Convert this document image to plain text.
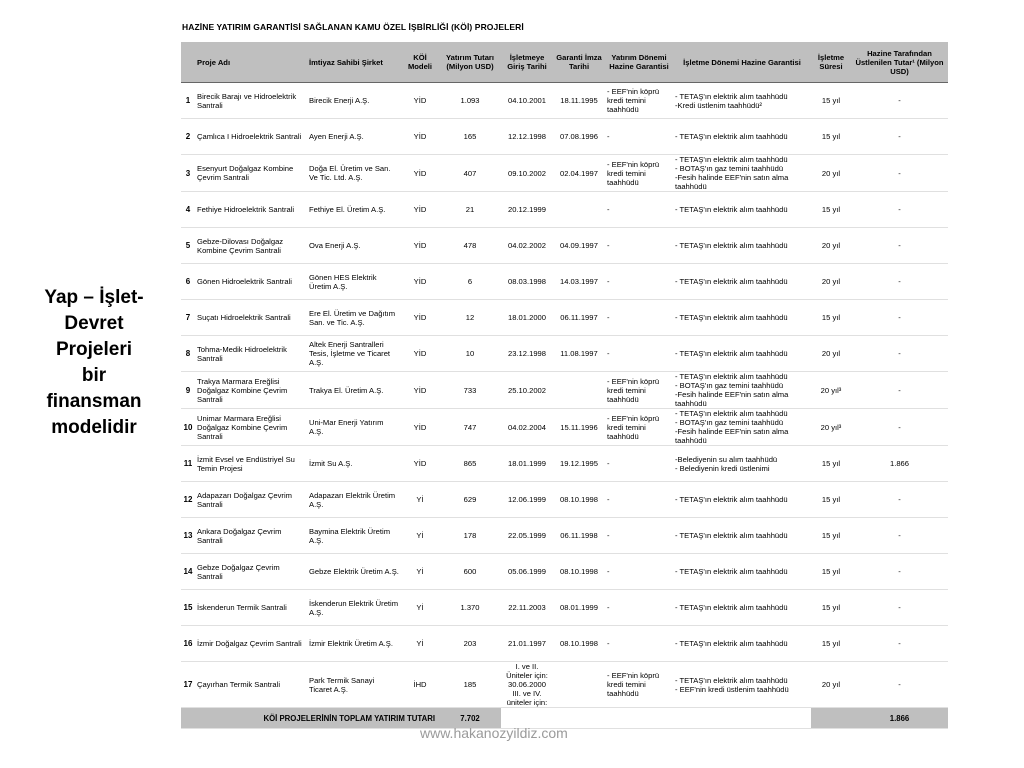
Yap – İşlet-
Devret
Projeleri
bir
finansman
modelidir
HAZİNE YATIRIM GARANTİSİ SAĞLANAN KAMU ÖZEL İŞBİRLİĞİ (KÖİ) PROJELERİ
	Proje Adı	İmtiyaz Sahibi Şirket	KÖİ Modeli	Yatırım Tutarı (Milyon USD)	İşletmeye Giriş Tarihi	Garanti İmza Tarihi	Yatırım Dönemi Hazine Garantisi	İşletme Dönemi Hazine Garantisi	İşletme Süresi	Hazine Tarafından Üstlenilen Tutar¹ (Milyon USD)
1	Birecik Barajı ve Hidroelektrik Santrali	Birecik Enerji A.Ş.	YİD	1.093	04.10.2001	18.11.1995	- EEF'nin köprü kredi temini taahhüdü	- TETAŞ'ın elektrik alım taahhüdü
-Kredi üstlenim taahhüdü²	15 yıl	-
2	Çamlıca I Hidroelektrik Santrali	Ayen Enerji A.Ş.	YİD	165	12.12.1998	07.08.1996	-	- TETAŞ'ın elektrik alım taahhüdü	15 yıl	-
3	Esenyurt Doğalgaz Kombine Çevrim Santrali	Doğa El. Üretim ve San. Ve Tic. Ltd. A.Ş.	YİD	407	09.10.2002	02.04.1997	- EEF'nin köprü kredi temini taahhüdü	- TETAŞ'ın elektrik alım taahhüdü
- BOTAŞ'ın gaz temini taahhüdü
-Fesih halinde EEF'nin satın alma taahhüdü	20 yıl	-
4	Fethiye Hidroelektrik Santrali	Fethiye El. Üretim A.Ş.	YİD	21	20.12.1999		-	- TETAŞ'ın elektrik alım taahhüdü	15 yıl	-
5	Gebze-Dilovası Doğalgaz Kombine Çevrim Santrali	Ova Enerji A.Ş.	YİD	478	04.02.2002	04.09.1997	-	- TETAŞ'ın elektrik alım taahhüdü	20 yıl	-
6	Gönen Hidroelektrik Santrali	Gönen HES Elektrik Üretim A.Ş.	YİD	6	08.03.1998	14.03.1997	-	- TETAŞ'ın elektrik alım taahhüdü	20 yıl	-
7	Suçatı Hidroelektrik Santrali	Ere El. Üretim ve Dağıtım San. ve Tic. A.Ş.	YİD	12	18.01.2000	06.11.1997	-	- TETAŞ'ın elektrik alım taahhüdü	15 yıl	-
8	Tohma-Medik Hidroelektrik Santrali	Altek Enerji Santralleri Tesis, İşletme ve Ticaret A.Ş.	YİD	10	23.12.1998	11.08.1997	-	- TETAŞ'ın elektrik alım taahhüdü	20 yıl	-
9	Trakya Marmara Ereğlisi Doğalgaz Kombine Çevrim Santrali	Trakya El. Üretim A.Ş.	YİD	733	25.10.2002		- EEF'nin köprü kredi temini taahhüdü	- TETAŞ'ın elektrik alım taahhüdü
- BOTAŞ'ın gaz temini taahhüdü
-Fesih halinde EEF'nin satın alma taahhüdü	20 yıl³	-
10	Unimar Marmara Ereğlisi Doğalgaz Kombine Çevrim Santrali	Uni-Mar Enerji Yatırım A.Ş.	YİD	747	04.02.2004	15.11.1996	- EEF'nin köprü kredi temini taahhüdü	- TETAŞ'ın elektrik alım taahhüdü
- BOTAŞ'ın gaz temini taahhüdü
-Fesih halinde EEF'nin satın alma taahhüdü	20 yıl³	-
11	İzmit Evsel ve Endüstriyel Su Temin Projesi	İzmit Su A.Ş.	YİD	865	18.01.1999	19.12.1995	-	-Belediyenin su alım taahhüdü
- Belediyenin kredi üstlenimi	15 yıl	1.866
12	Adapazarı Doğalgaz Çevrim Santrali	Adapazarı Elektrik Üretim A.Ş.	Yİ	629	12.06.1999	08.10.1998	-	- TETAŞ'ın elektrik alım taahhüdü	15 yıl	-
13	Ankara Doğalgaz Çevrim Santrali	Baymina Elektrik Üretim A.Ş.	Yİ	178	22.05.1999	06.11.1998	-	- TETAŞ'ın elektrik alım taahhüdü	15 yıl	-
14	Gebze Doğalgaz Çevrim Santrali	Gebze Elektrik Üretim A.Ş.	Yİ	600	05.06.1999	08.10.1998	-	- TETAŞ'ın elektrik alım taahhüdü	15 yıl	-
15	İskenderun Termik Santrali	İskenderun Elektrik Üretim A.Ş.	Yİ	1.370	22.11.2003	08.01.1999	-	- TETAŞ'ın elektrik alım taahhüdü	15 yıl	-
16	İzmir Doğalgaz Çevrim Santrali	İzmir Elektrik Üretim A.Ş.	Yİ	203	21.01.1997	08.10.1998	-	- TETAŞ'ın elektrik alım taahhüdü	15 yıl	-
17	Çayırhan Termik Santrali	Park Termik Sanayi Ticaret A.Ş.	İHD	185	I. ve II. Üniteler için: 30.06.2000
III. ve IV. üniteler için:		- EEF'nin köprü kredi temini taahhüdü	- TETAŞ'ın elektrik alım taahhüdü
- EEF'nin kredi üstlenim taahhüdü	20 yıl	-
KÖİ PROJELERİNİN TOPLAM YATIRIM TUTARI				7.702						1.866
www.hakanozyildiz.com
